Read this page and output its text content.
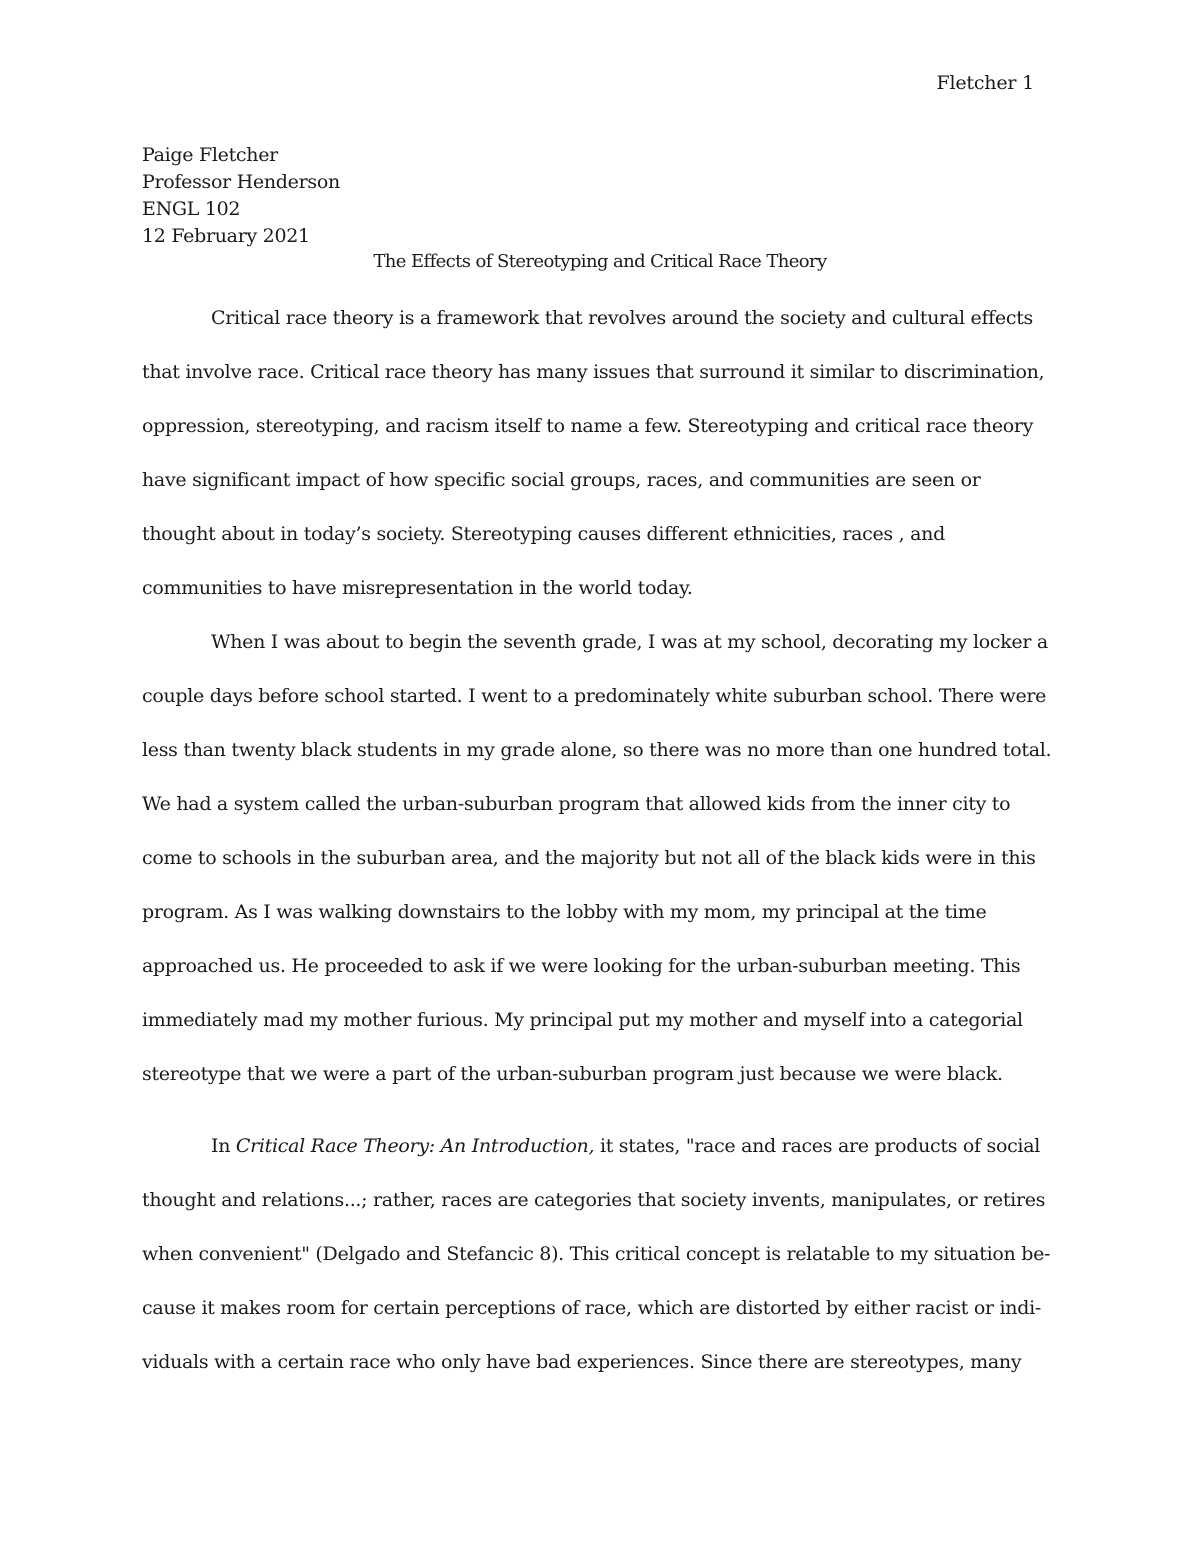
Fletcher 1
Paige Fletcher
Professor Henderson
ENGL 102
12 February 2021
The Effects of Stereotyping and Critical Race Theory
Critical race theory is a framework that revolves around the society and cultural effects
that involve race. Critical race theory has many issues that surround it similar to discrimination,
oppression, stereotyping, and racism itself to name a few. Stereotyping and critical race theory
have significant impact of how specific social groups, races, and communities are seen or
thought about in today’s society. Stereotyping causes different ethnicities, races , and
communities to have misrepresentation in the world today.
When I was about to begin the seventh grade, I was at my school, decorating my locker a
couple days before school started. I went to a predominately white suburban school. There were
less than twenty black students in my grade alone, so there was no more than one hundred total.
We had a system called the urban-suburban program that allowed kids from the inner city to
come to schools in the suburban area, and the majority but not all of the black kids were in this
program. As I was walking downstairs to the lobby with my mom, my principal at the time
approached us. He proceeded to ask if we were looking for the urban-suburban meeting. This
immediately mad my mother furious. My principal put my mother and myself into a categorial
stereotype that we were a part of the urban-suburban program just because we were black.
In Critical Race Theory: An Introduction, it states, "race and races are products of social
thought and relations...; rather, races are categories that society invents, manipulates, or retires
when convenient" (Delgado and Stefancic 8). This critical concept is relatable to my situation be-
cause it makes room for certain perceptions of race, which are distorted by either racist or indi-
viduals with a certain race who only have bad experiences. Since there are stereotypes, many
